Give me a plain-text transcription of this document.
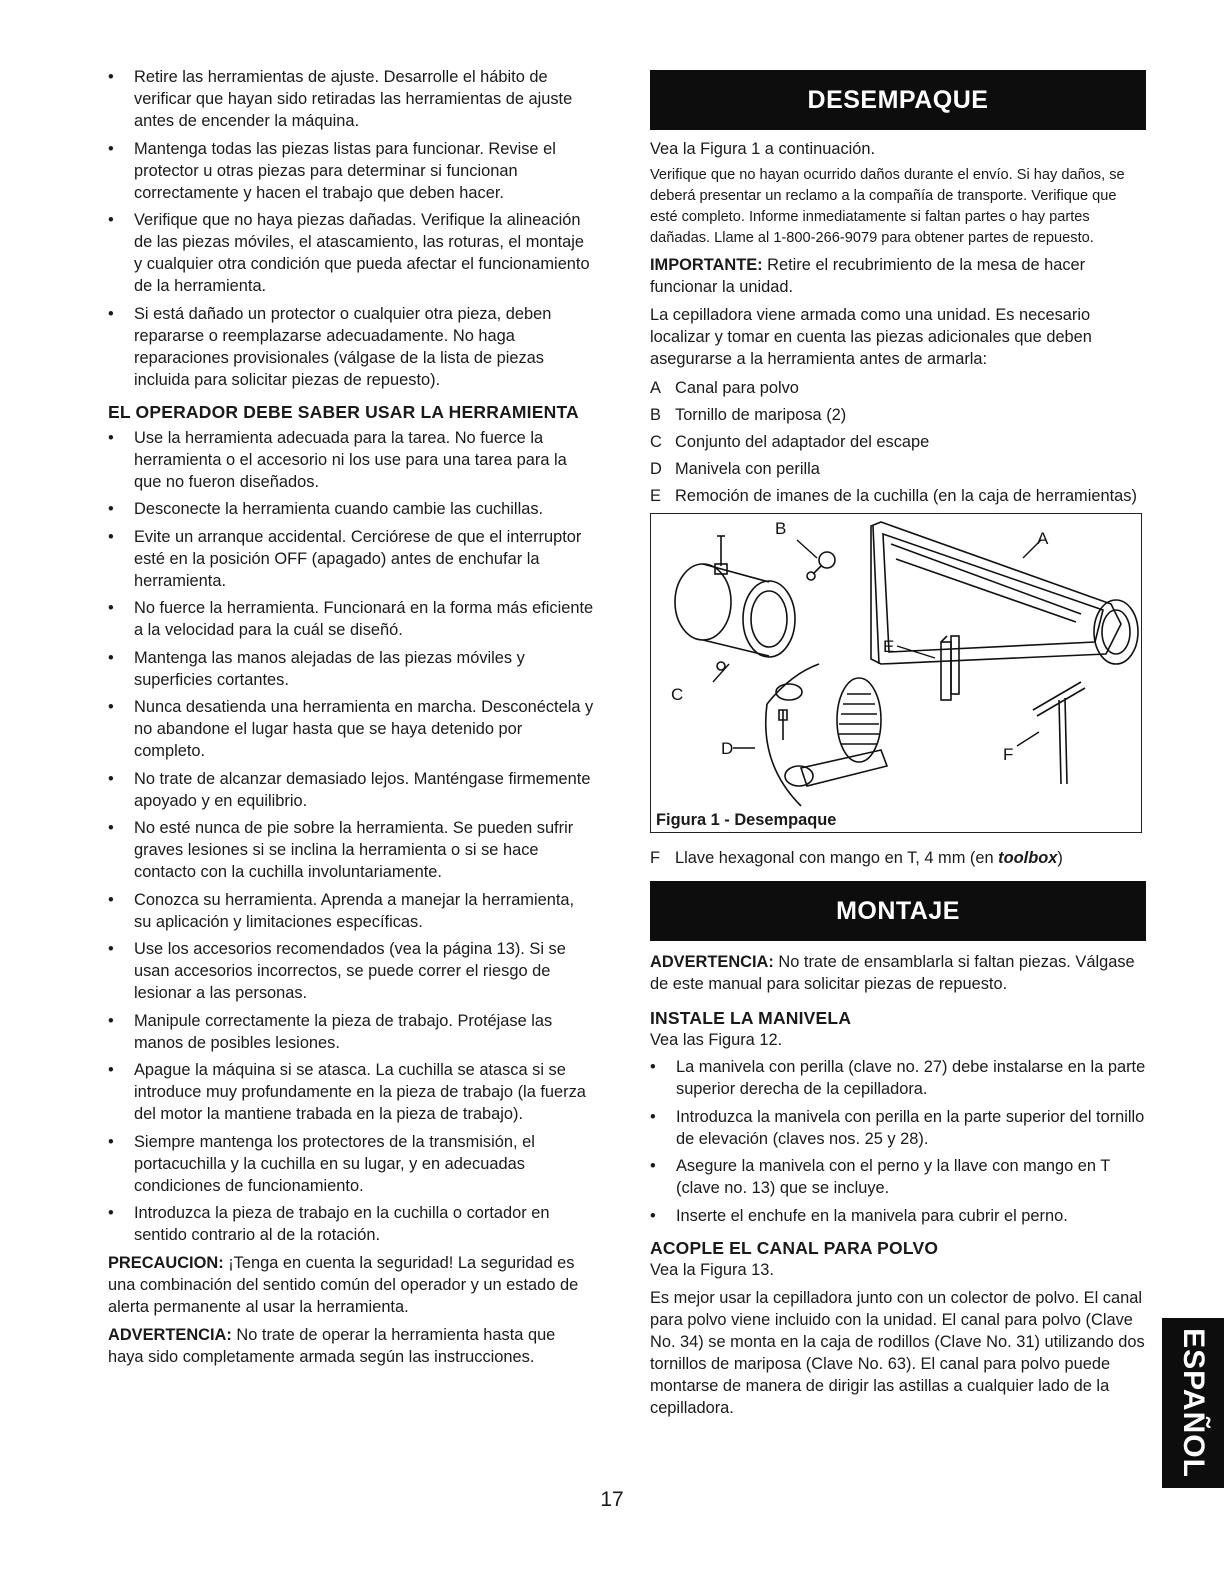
•	Retire las herramientas de ajuste. Desarrolle el hábito de verificar que hayan sido retiradas las herramientas de ajuste antes de encender la máquina.
•	Mantenga todas las piezas listas para funcionar. Revise el protector u otras piezas para determinar si funcionan correctamente y hacen el trabajo que deben hacer.
•	Verifique que no haya piezas dañadas. Verifique la alineación de las piezas móviles, el atascamiento, las roturas, el montaje y cualquier otra condición que pueda afectar el funcionamiento de la herramienta.
•	Si está dañado un protector o cualquier otra pieza, deben repararse o reemplazarse adecuadamente. No haga reparaciones provisionales (válgase de la lista de piezas incluida para solicitar piezas de repuesto).
EL OPERADOR DEBE SABER USAR LA HERRAMIENTA
•	Use la herramienta adecuada para la tarea. No fuerce la herramienta o el accesorio ni los use para una tarea para la que no fueron diseñados.
•	Desconecte la herramienta cuando cambie las cuchillas.
•	Evite un arranque accidental. Cerciórese de que el interruptor esté en la posición OFF (apagado) antes de enchufar la herramienta.
•	No fuerce la herramienta. Funcionará en la forma más eficiente a la velocidad para la cuál se diseñó.
•	Mantenga las manos alejadas de las piezas móviles y superficies cortantes.
•	Nunca desatienda una herramienta en marcha. Desconéctela y no abandone el lugar hasta que se haya detenido por completo.
•	No trate de alcanzar demasiado lejos. Manténgase firmemente apoyado y en equilibrio.
•	No esté nunca de pie sobre la herramienta. Se pueden sufrir graves lesiones si se inclina la herramienta o si se hace contacto con la cuchilla involuntariamente.
•	Conozca su herramienta. Aprenda a manejar la herramienta, su aplicación y limitaciones específicas.
•	Use los accesorios recomendados (vea la página 13). Si se usan accesorios incorrectos, se puede correr el riesgo de lesionar a las personas.
•	Manipule correctamente la pieza de trabajo. Protéjase las manos de posibles lesiones.
•	Apague la máquina si se atasca. La cuchilla se atasca si se introduce muy profundamente en la pieza de trabajo (la fuerza del motor la mantiene trabada en la pieza de trabajo).
•	Siempre mantenga los protectores de la transmisión, el portacuchilla y la cuchilla en su lugar, y en adecuadas condiciones de funcionamiento.
•	Introduzca la pieza de trabajo en la cuchilla o cortador en sentido contrario al de la rotación.

PRECAUCION: ¡Tenga en cuenta la seguridad! La seguridad es una combinación del sentido común del operador y un estado de alerta permanente al usar la herramienta.

ADVERTENCIA: No trate de operar la herramienta hasta que haya sido completamente armada según las instrucciones.

DESEMPAQUE

Vea la Figura 1 a continuación.

Verifique que no hayan ocurrido daños durante el envío. Si hay daños, se deberá presentar un reclamo a la compañía de transporte. Verifique que esté completo. Informe inmediatamente si faltan partes o hay partes dañadas. Llame al 1-800-266-9079 para obtener partes de repuesto.

IMPORTANTE: Retire el recubrimiento de la mesa de hacer funcionar la unidad.

La cepilladora viene armada como una unidad. Es necesario localizar y tomar en cuenta las piezas adicionales que deben asegurarse a la herramienta antes de armarla:

A Canal para polvo
B Tornillo de mariposa (2)
C Conjunto del adaptador del escape
D Manivela con perilla
E Remoción de imanes de la cuchilla (en la caja de herramientas)
B
A
C
E
D	F
Figura 1 - Desempaque
F Llave hexagonal con mango en T, 4 mm (en toolbox)
MONTAJE

ADVERTENCIA: No trate de ensamblarla si faltan piezas. Válgase de este manual para solicitar piezas de repuesto.

INSTALE LA MANIVELA

Vea las Figura 12.

•	La manivela con perilla (clave no. 27) debe instalarse en la parte superior derecha de la cepilladora.
•	Introduzca la manivela con perilla en la parte superior del tornillo de elevación (claves nos. 25 y 28).
•	Asegure la manivela con el perno y la llave con mango en T (clave no. 13) que se incluye.
•	Inserte el enchufe en la manivela para cubrir el perno.
ACOPLE EL CANAL PARA POLVO

Vea la Figura 13.

Es mejor usar la cepilladora junto con un colector de polvo. El canal para polvo viene incluido con la unidad. El canal para polvo (Clave No. 34) se monta en la caja de rodillos (Clave No. 31) utilizando dos tornillos de mariposa (Clave No. 63). El canal para polvo puede montarse de manera de dirigir las astillas a cualquier lado de la cepilladora.	ESPAÑOL
17
